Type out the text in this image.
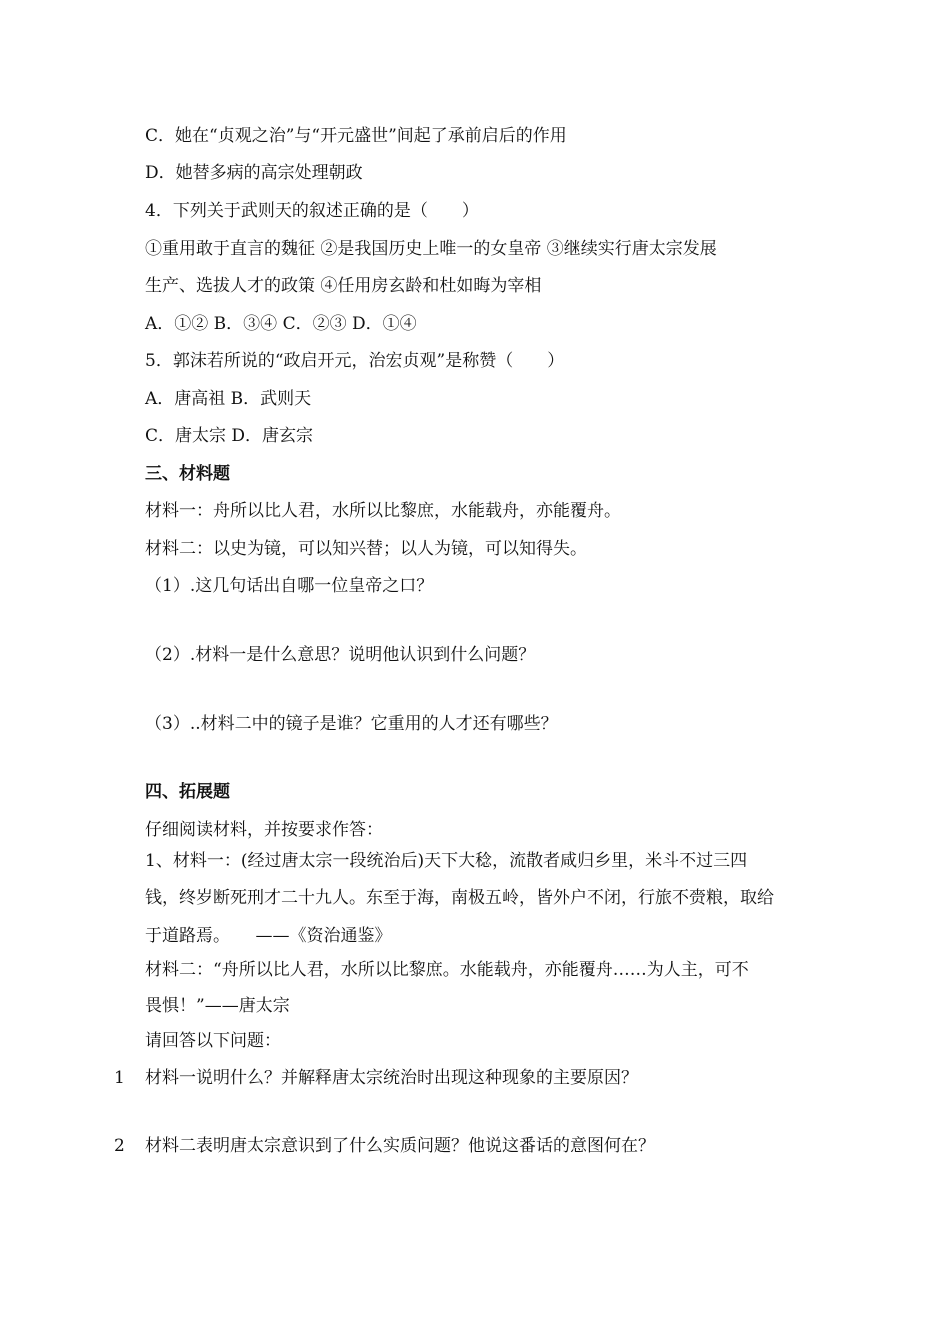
C．她在“贞观之治”与“开元盛世”间起了承前启后的作用
D．她替多病的高宗处理朝政
4．下列关于武则天的叙述正确的是（　　）
①重用敢于直言的魏征 ②是我国历史上唯一的女皇帝 ③继续实行唐太宗发展
生产、选拔人才的政策 ④任用房玄龄和杜如晦为宰相
A．①② B．③④ C．②③ D．①④
5．郭沫若所说的“政启开元，治宏贞观”是称赞（　　）
A．唐高祖 B．武则天
C．唐太宗 D．唐玄宗
三、材料题
材料一：舟所以比人君，水所以比黎庶，水能载舟，亦能覆舟。
材料二：以史为镜，可以知兴替；以人为镜，可以知得失。
（1）.这几句话出自哪一位皇帝之口？
（2）.材料一是什么意思？说明他认识到什么问题？
（3）..材料二中的镜子是谁？它重用的人才还有哪些？
四、拓展题
仔细阅读材料，并按要求作答：
1、材料一：(经过唐太宗一段统治后)天下大稔，流散者咸归乡里，米斗不过三四
钱，终岁断死刑才二十九人。东至于海，南极五岭，皆外户不闭，行旅不赍粮，取给
于道路焉。　　——《资治通鉴》
材料二：“舟所以比人君，水所以比黎庶。水能载舟，亦能覆舟……为人主，可不
畏惧！”——唐太宗
请回答以下问题：
1 材料一说明什么？并解释唐太宗统治时出现这种现象的主要原因？
2 材料二表明唐太宗意识到了什么实质问题？他说这番话的意图何在？
